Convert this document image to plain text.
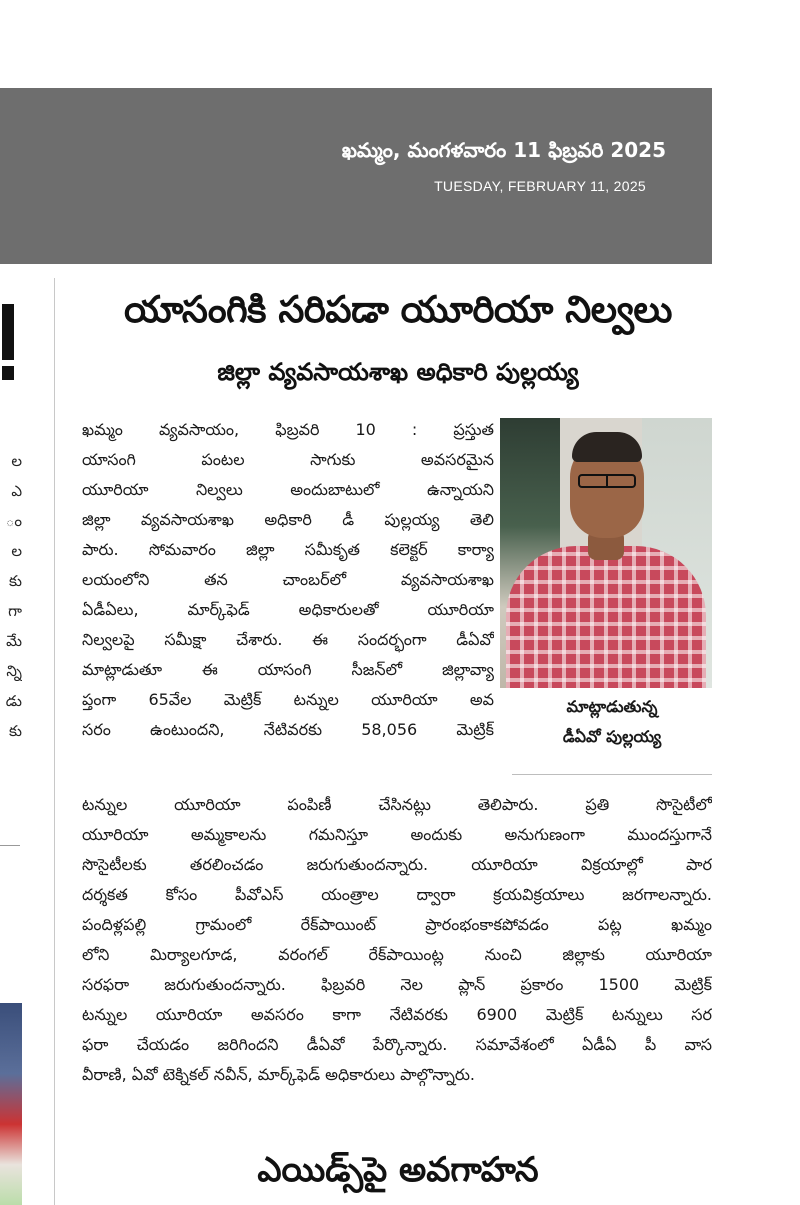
ఖమ్మం, మంగళవారం 11 ఫిబ్రవరి 2025
TUESDAY, FEBRUARY 11, 2025
ల
ఎ
ం
ల
కు
గా
మే
న్ని
డు
కు
యాసంగికి సరిపడా యూరియా నిల్వలు
జిల్లా వ్యవసాయశాఖ అధికారి పుల్లయ్య
ఖమ్మం వ్యవసాయం, ఫిబ్రవరి 10 : ప్రస్తుత
యాసంగి పంటల సాగుకు అవసరమైన
యూరియా నిల్వలు అందుబాటులో ఉన్నాయని
జిల్లా వ్యవసాయశాఖ అధికారి డీ పుల్లయ్య తెలి
పారు. సోమవారం జిల్లా సమీకృత కలెక్టర్ కార్యా
లయంలోని తన చాంబర్‌లో వ్యవసాయశాఖ
ఏడీఏలు, మార్క్‌ఫెడ్ అధికారులతో యూరియా
నిల్వలపై సమీక్షా చేశారు. ఈ సందర్భంగా డీఏవో
మాట్లాడుతూ ఈ యాసంగి సీజన్‌లో జిల్లావ్యా
ప్తంగా 65వేల మెట్రిక్ టన్నుల యూరియా అవ
సరం ఉంటుందని, నేటివరకు 58,056 మెట్రిక్
మాట్లాడుతున్న
డీఏవో పుల్లయ్య
టన్నుల యూరియా పంపిణీ చేసినట్లు తెలిపారు. ప్రతి సొసైటీలో
యూరియా అమ్మకాలను గమనిస్తూ అందుకు అనుగుణంగా ముందస్తుగానే
సొసైటీలకు తరలించడం జరుగుతుందన్నారు. యూరియా విక్రయాల్లో పార
దర్శకత కోసం పీవోఎస్ యంత్రాల ద్వారా క్రయవిక్రయాలు జరగాలన్నారు.
పందిళ్లపల్లి గ్రామంలో రేక్‌పాయింట్ ప్రారంభంకాకపోవడం పట్ల ఖమ్మం
లోని మిర్యాలగూడ, వరంగల్ రేక్‌పాయింట్ల నుంచి జిల్లాకు యూరియా
సరఫరా జరుగుతుందన్నారు. ఫిబ్రవరి నెల ప్లాన్ ప్రకారం 1500 మెట్రిక్
టన్నుల యూరియా అవసరం కాగా నేటివరకు 6900 మెట్రిక్ టన్నులు సర
ఫరా చేయడం జరిగిందని డీఏవో పేర్కొన్నారు. సమావేశంలో ఏడీఏ పీ వాస
వీరాణి, ఏవో టెక్నికల్ నవీన్, మార్క్‌ఫెడ్ అధికారులు పాల్గొన్నారు.
ఎయిడ్స్‌పై అవగాహన
